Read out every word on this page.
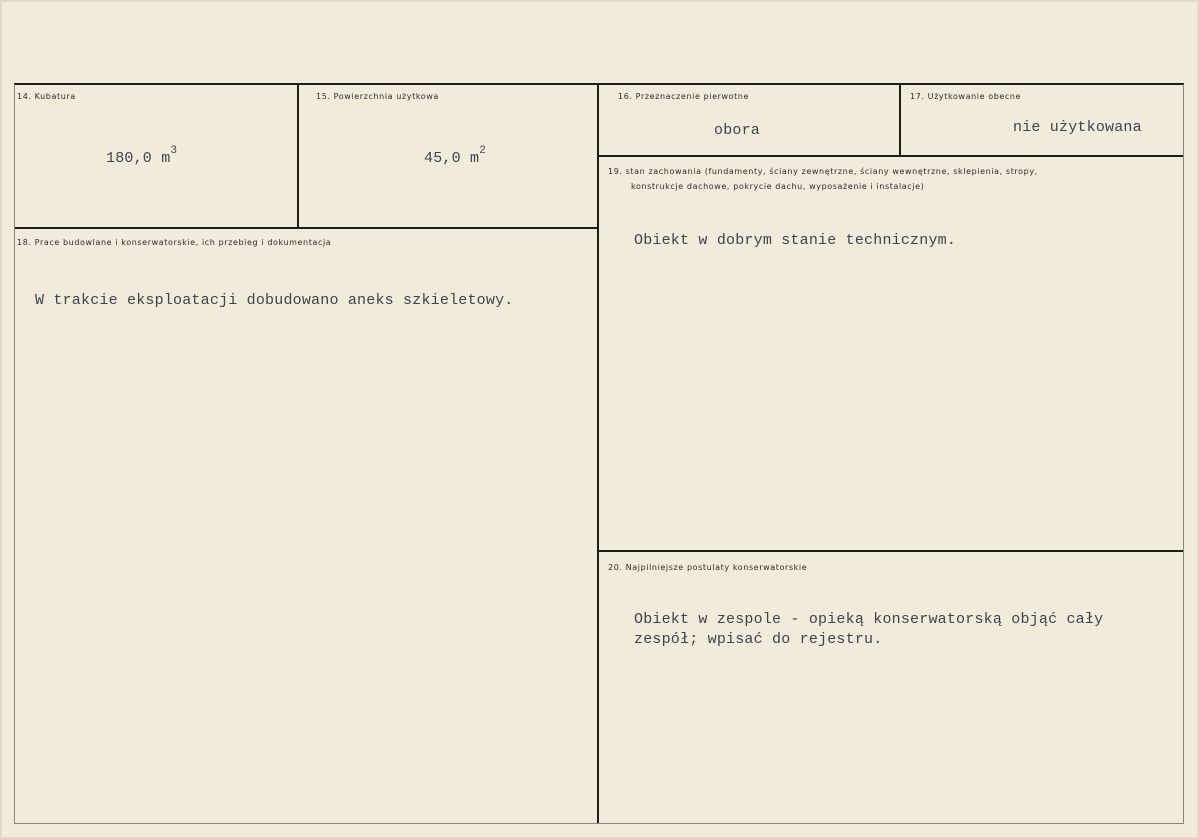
14. Kubatura
180,0 $m^3$
15. Powierzchnia użytkowa
45,0 $m^2$
16. Przeznaczenie pierwotne
obora
17. Użytkowanie obecne
nie użytkowana
18. Prace budowlane i konserwatorskie, ich przebieg i dokumentacja
W trakcie eksploatacji dobudowano aneks szkieletowy.
19. stan zachowania (fundamenty, ściany zewnętrzne, ściany wewnętrzne, sklepienia, stropy,
konstrukcje dachowe, pokrycie dachu, wyposażenie i instalacje)
Obiekt w dobrym stanie technicznym.
20. Najpilniejsze postulaty konserwatorskie
Obiekt w zespole - opieką konserwatorską objąć cały
zespół; wpisać do rejestru.
